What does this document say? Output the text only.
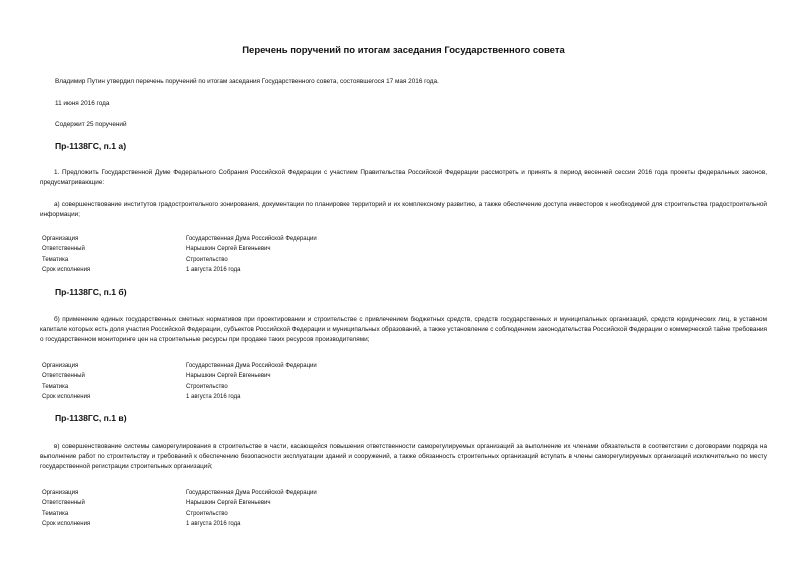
Перечень поручений по итогам заседания Государственного совета
Владимир Путин утвердил перечень поручений по итогам заседания Государственного совета, состоявшегося 17 мая 2016 года.
11 июня 2016 года
Содержит 25 поручений
Пр-1138ГС, п.1 а)
1. Предложить Государственной Думе Федерального Собрания Российской Федерации с участием Правительства Российской Федерации рассмотреть и принять в период весенней сессии 2016 года проекты федеральных законов, предусматривающие:
а) совершенствование институтов градостроительного зонирования, документации по планировке территорий и их комплексному развитию, а также обеспечение доступа инвесторов к необходимой для строительства градостроительной информации;
Организация	Государственная Дума Российской Федерации
Ответственный	Нарышкин Сергей Евгеньевич
Тематика	Строительство
Срок исполнения	1 августа 2016 года
Пр-1138ГС, п.1 б)
б) применение единых государственных сметных нормативов при проектировании и строительстве с привлечением бюджетных средств, средств государственных и муниципальных организаций, средств юридических лиц, в уставном капитале которых есть доля участия Российской Федерации, субъектов Российской Федерации и муниципальных образований, а также установление с соблюдением законодательства Российской Федерации о коммерческой тайне требования о государственном мониторинге цен на строительные ресурсы при продаже таких ресурсов производителями;
Организация	Государственная Дума Российской Федерации
Ответственный	Нарышкин Сергей Евгеньевич
Тематика	Строительство
Срок исполнения	1 августа 2016 года
Пр-1138ГС, п.1 в)
в) совершенствование системы саморегулирования в строительстве в части, касающейся повышения ответственности саморегулируемых организаций за выполнение их членами обязательств в соответствии с договорами подряда на выполнение работ по строительству и требований к обеспечению безопасности эксплуатации зданий и сооружений, а также обязанность строительных организаций вступать в члены саморегулируемых организаций исключительно по месту государственной регистрации строительных организаций;
Организация	Государственная Дума Российской Федерации
Ответственный	Нарышкин Сергей Евгеньевич
Тематика	Строительство
Срок исполнения	1 августа 2016 года
